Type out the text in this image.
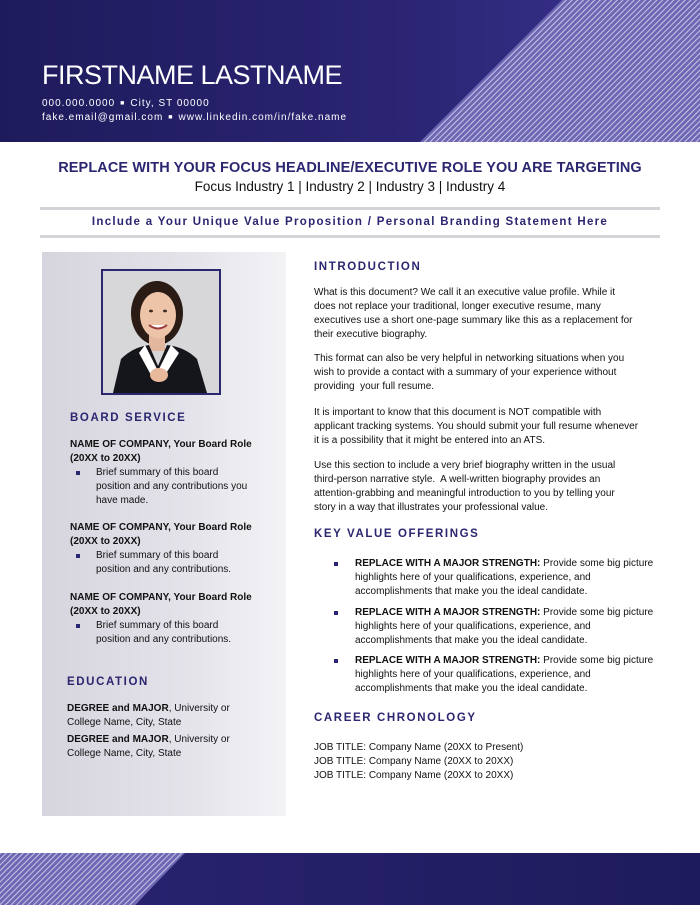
FIRSTNAME LASTNAME
000.000.0000 ■ City, ST 00000
fake.email@gmail.com ■ www.linkedin.com/in/fake.name
REPLACE WITH YOUR FOCUS HEADLINE/EXECUTIVE ROLE YOU ARE TARGETING
Focus Industry 1 | Industry 2 | Industry 3 | Industry 4
Include a Your Unique Value Proposition / Personal Branding Statement Here
BOARD SERVICE
NAME OF COMPANY, Your Board Role
(20XX to 20XX)
Brief summary of this board
position and any contributions you
have made.
NAME OF COMPANY, Your Board Role
(20XX to 20XX)
Brief summary of this board
position and any contributions.
NAME OF COMPANY, Your Board Role
(20XX to 20XX)
Brief summary of this board
position and any contributions.
EDUCATION
DEGREE and MAJOR, University or
College Name, City, State
DEGREE and MAJOR, University or
College Name, City, State
INTRODUCTION
What is this document? We call it an executive value profile. While it
does not replace your traditional, longer executive resume, many
executives use a short one-page summary like this as a replacement for
their executive biography.
This format can also be very helpful in networking situations when you
wish to provide a contact with a summary of your experience without
providing  your full resume.
It is important to know that this document is NOT compatible with
applicant tracking systems. You should submit your full resume whenever
it is a possibility that it might be entered into an ATS.
Use this section to include a very brief biography written in the usual
third-person narrative style.  A well-written biography provides an
attention-grabbing and meaningful introduction to you by telling your
story in a way that illustrates your professional value.
KEY VALUE OFFERINGS
REPLACE WITH A MAJOR STRENGTH: Provide some big picture
highlights here of your qualifications, experience, and
accomplishments that make you the ideal candidate.
REPLACE WITH A MAJOR STRENGTH: Provide some big picture
highlights here of your qualifications, experience, and
accomplishments that make you the ideal candidate.
REPLACE WITH A MAJOR STRENGTH: Provide some big picture
highlights here of your qualifications, experience, and
accomplishments that make you the ideal candidate.
CAREER CHRONOLOGY
JOB TITLE: Company Name (20XX to Present)
JOB TITLE: Company Name (20XX to 20XX)
JOB TITLE: Company Name (20XX to 20XX)
